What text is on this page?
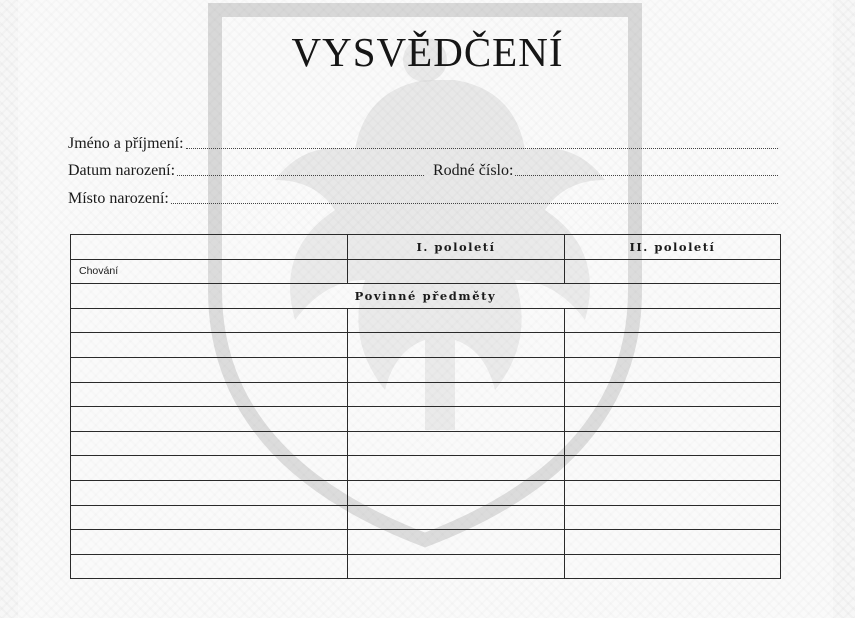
VYSVĚDČENÍ
Jméno a příjmení:
Datum narození:	Rodné číslo:
Místo narození:
	I. pololetí	II. pololetí
Chování		
Povinné předměty		
